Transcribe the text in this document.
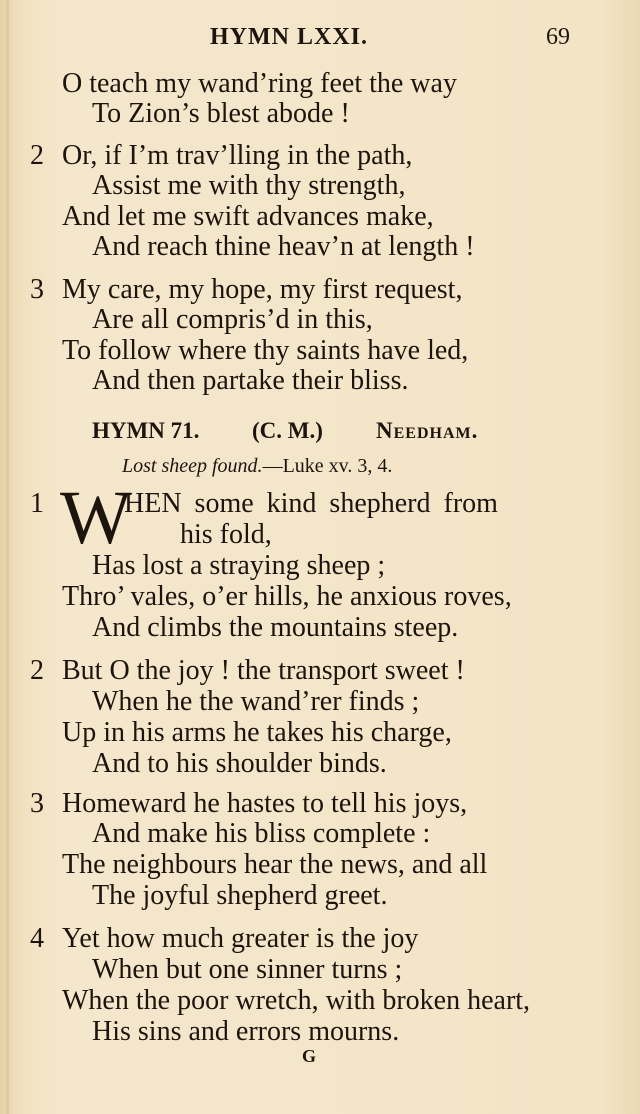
HYMN LXXI.	69
O teach my wand’ring feet the way
To Zion’s blest abode !
2 Or, if I’m trav’lling in the path,
Assist me with thy strength,
And let me swift advances make,
And reach thine heav’n at length !
3 My care, my hope, my first request,
Are all compris’d in this,
To follow where thy saints have led,
And then partake their bliss.
HYMN 71. (C. M.) Needham.
Lost sheep found.—Luke xv. 3, 4.
1 W
HEN some kind shepherd from
his fold,
Has lost a straying sheep ;
Thro’ vales, o’er hills, he anxious roves,
And climbs the mountains steep.
2 But O the joy ! the transport sweet !
When he the wand’rer finds ;
Up in his arms he takes his charge,
And to his shoulder binds.
3 Homeward he hastes to tell his joys,
And make his bliss complete :
The neighbours hear the news, and all
The joyful shepherd greet.
4 Yet how much greater is the joy
When but one sinner turns ;
When the poor wretch, with broken heart,
His sins and errors mourns.
G
